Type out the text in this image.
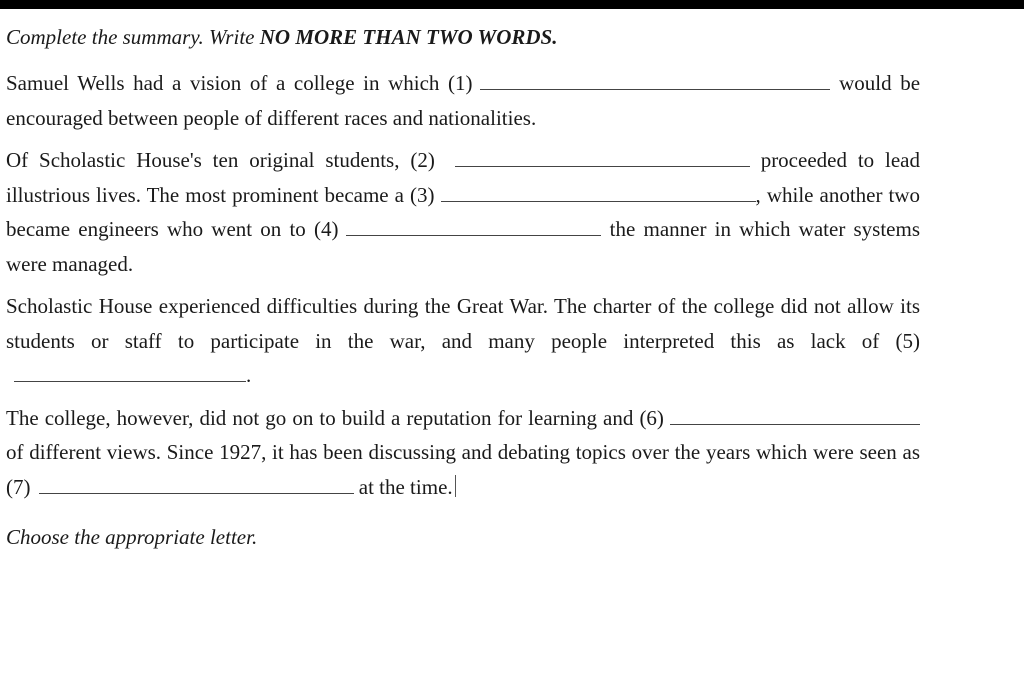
Complete the summary. Write NO MORE THAN TWO WORDS.

Samuel Wells had a vision of a college in which (1)	would be encouraged between people of different races and nationalities.

Of Scholastic House's ten original students, (2)	proceeded to lead illustrious lives. The most prominent became a (3)	, while another two became engineers who went on to (4)	the manner in which water systems were managed.

Scholastic House experienced difficulties during the Great War. The charter of the college did not allow its students or staff to participate in the war, and many people interpreted this as lack of (5).

The college, however, did not go on to build a reputation for learning and (6)  of different views. Since 1927, it has been discussing and debating topics over the years which were seen as (7)	at the time.

Choose the appropriate letter.
